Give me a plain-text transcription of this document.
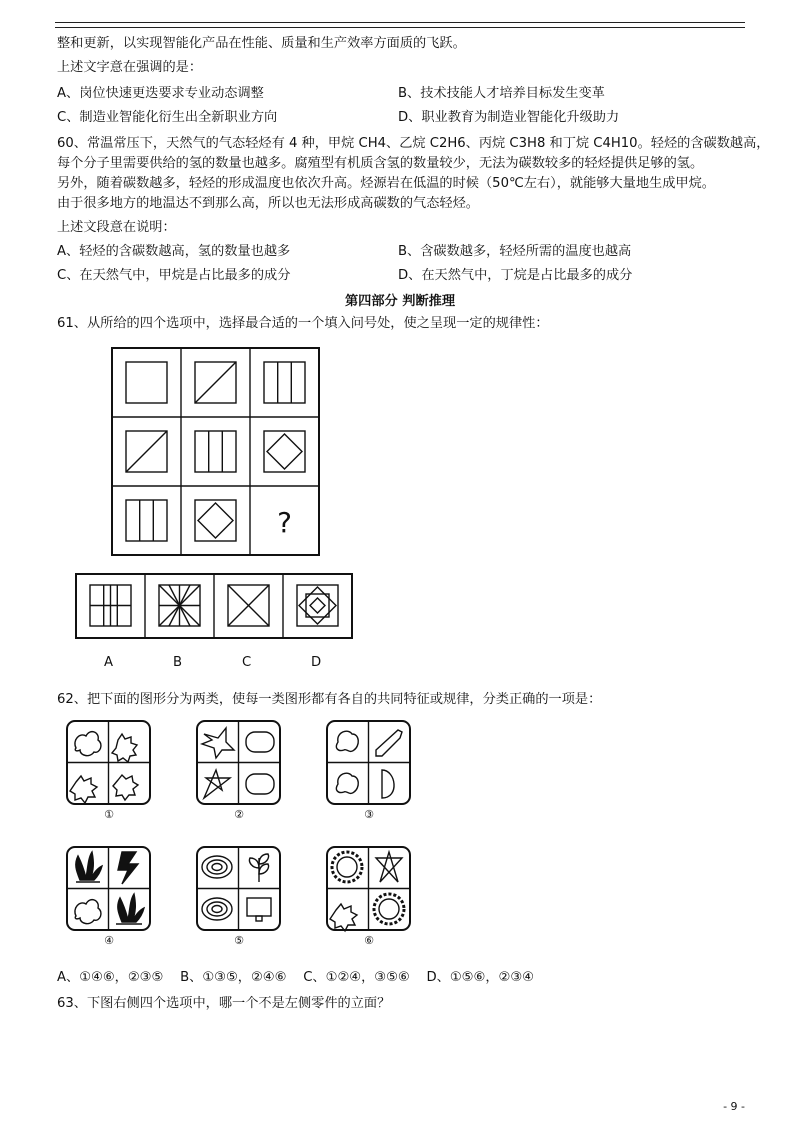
整和更新，以实现智能化产品在性能、质量和生产效率方面质的飞跃。
上述文字意在强调的是：
A、岗位快速更迭要求专业动态调整	B、技术技能人才培养目标发生变革
C、制造业智能化衍生出全新职业方向	D、职业教育为制造业智能化升级助力
60、常温常压下，天然气的气态轻烃有 4 种，甲烷 CH4、乙烷 C2H6、丙烷 C3H8 和丁烷 C4H10。轻烃的含碳数越高，
每个分子里需要供给的氢的数量也越多。腐殖型有机质含氢的数量较少，无法为碳数较多的轻烃提供足够的氢。
另外，随着碳数越多，轻烃的形成温度也依次升高。烃源岩在低温的时候（50℃左右），就能够大量地生成甲烷。
由于很多地方的地温达不到那么高，所以也无法形成高碳数的气态轻烃。
上述文段意在说明：
A、轻烃的含碳数越高，氢的数量也越多	B、含碳数越多，轻烃所需的温度也越高
C、在天然气中，甲烷是占比最多的成分	D、在天然气中，丁烷是占比最多的成分
第四部分 判断推理
61、从所给的四个选项中，选择最合适的一个填入问号处，使之呈现一定的规律性：
?
A	B	C	D
62、把下面的图形分为两类，使每一类图形都有各自的共同特征或规律，分类正确的一项是：
①	②	③
④	⑤	⑥
A、①④⑥，②③⑤    B、①③⑤，②④⑥    C、①②④，③⑤⑥    D、①⑤⑥，②③④
63、下图右侧四个选项中，哪一个不是左侧零件的立面？
- 9 -
